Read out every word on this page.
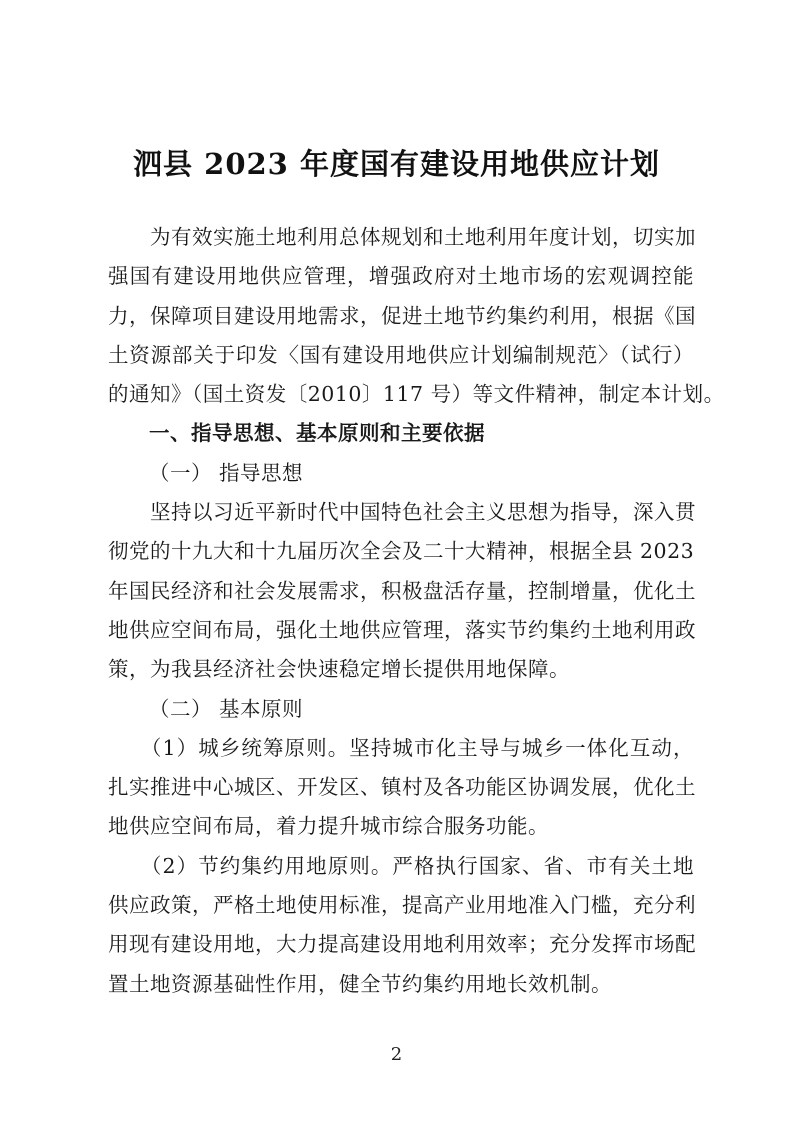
泗县 2023 年度国有建设用地供应计划

　　为有效实施土地利用总体规划和土地利用年度计划，切实加
强国有建设用地供应管理，增强政府对土地市场的宏观调控能
力，保障项目建设用地需求，促进土地节约集约利用，根据《国
土资源部关于印发〈国有建设用地供应计划编制规范〉（试行）
的通知》（国土资发〔2010〕117 号）等文件精神，制定本计划。

一、指导思想、基本原则和主要依据

（一） 指导思想

　　坚持以习近平新时代中国特色社会主义思想为指导，深入贯
彻党的十九大和十九届历次全会及二十大精神，根据全县 2023
年国民经济和社会发展需求，积极盘活存量，控制增量，优化土
地供应空间布局，强化土地供应管理，落实节约集约土地利用政
策，为我县经济社会快速稳定增长提供用地保障。

（二） 基本原则

　　（1）城乡统筹原则。坚持城市化主导与城乡一体化互动，
扎实推进中心城区、开发区、镇村及各功能区协调发展，优化土
地供应空间布局，着力提升城市综合服务功能。

　　（2）节约集约用地原则。严格执行国家、省、市有关土地
供应政策，严格土地使用标准，提高产业用地准入门槛，充分利
用现有建设用地，大力提高建设用地利用效率；充分发挥市场配
置土地资源基础性作用，健全节约集约用地长效机制。

2
